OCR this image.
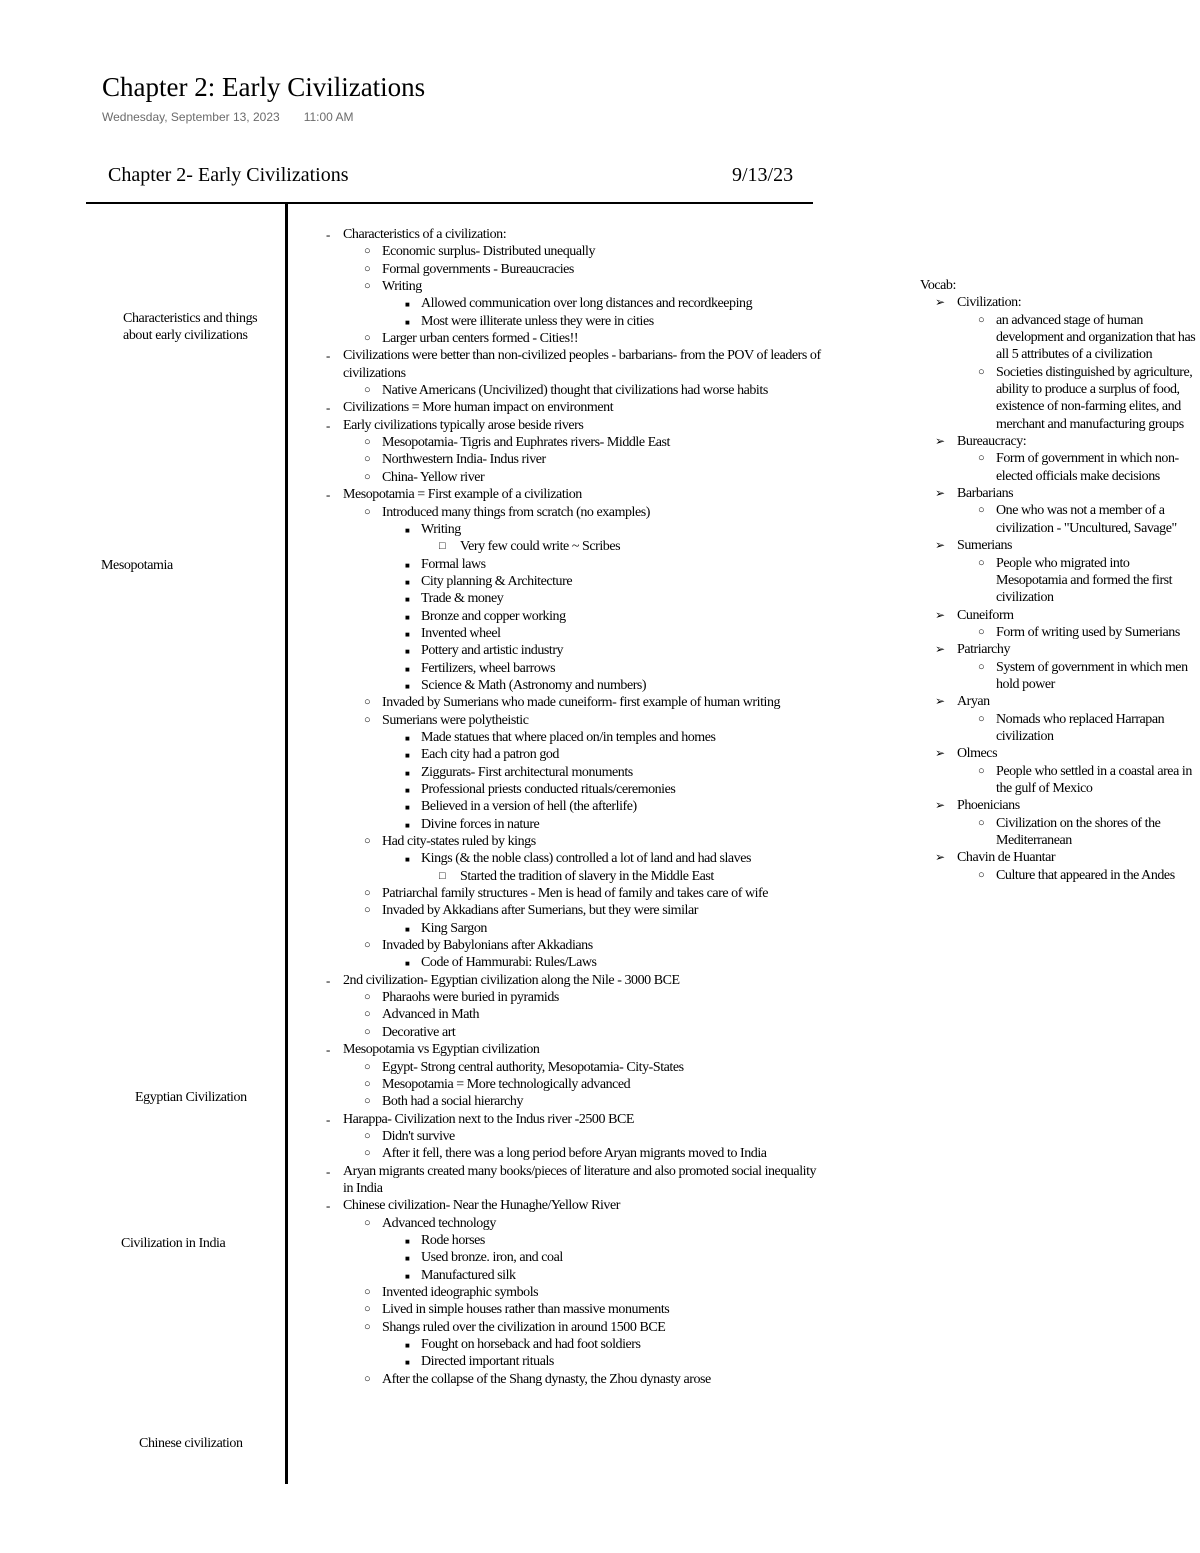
Chapter 2: Early Civilizations
Wednesday, September 13, 2023 11:00 AM
Chapter 2- Early Civilizations	9/13/23
Characteristics and things about early civilizations
Mesopotamia
Egyptian Civilization
Civilization in India
Chinese civilization
- Characteristics of a civilization:
○ Economic surplus- Distributed unequally
○ Formal governments - Bureaucracies
○ Writing
■ Allowed communication over long distances and recordkeeping
■ Most were illiterate unless they were in cities
○ Larger urban centers formed - Cities!!
- Civilizations were better than non-civilized peoples - barbarians- from the POV of leaders of civilizations
○ Native Americans (Uncivilized) thought that civilizations had worse habits
- Civilizations = More human impact on environment
- Early civilizations typically arose beside rivers
○ Mesopotamia- Tigris and Euphrates rivers- Middle East
○ Northwestern India- Indus river
○ China- Yellow river
- Mesopotamia = First example of a civilization
○ Introduced many things from scratch (no examples)
■ Writing
□ Very few could write ~ Scribes
■ Formal laws
■ City planning & Architecture
■ Trade & money
■ Bronze and copper working
■ Invented wheel
■ Pottery and artistic industry
■ Fertilizers, wheel barrows
■ Science & Math (Astronomy and numbers)
○ Invaded by Sumerians who made cuneiform- first example of human writing
○ Sumerians were polytheistic
■ Made statues that where placed on/in temples and homes
■ Each city had a patron god
■ Ziggurats- First architectural monuments
■ Professional priests conducted rituals/ceremonies
■ Believed in a version of hell (the afterlife)
■ Divine forces in nature
○ Had city-states ruled by kings
■ Kings (& the noble class) controlled a lot of land and had slaves
□ Started the tradition of slavery in the Middle East
○ Patriarchal family structures - Men is head of family and takes care of wife
○ Invaded by Akkadians after Sumerians, but they were similar
■ King Sargon
○ Invaded by Babylonians after Akkadians
■ Code of Hammurabi: Rules/Laws
- 2nd civilization- Egyptian civilization along the Nile - 3000 BCE
○ Pharaohs were buried in pyramids
○ Advanced in Math
○ Decorative art
- Mesopotamia vs Egyptian civilization
○ Egypt- Strong central authority, Mesopotamia- City-States
○ Mesopotamia = More technologically advanced
○ Both had a social hierarchy
- Harappa- Civilization next to the Indus river -2500 BCE
○ Didn't survive
○ After it fell, there was a long period before Aryan migrants moved to India
- Aryan migrants created many books/pieces of literature and also promoted social inequality in India
- Chinese civilization- Near the Hunaghe/Yellow River
○ Advanced technology
■ Rode horses
■ Used bronze. iron, and coal
■ Manufactured silk
○ Invented ideographic symbols
○ Lived in simple houses rather than massive monuments
○ Shangs ruled over the civilization in around 1500 BCE
■ Fought on horseback and had foot soldiers
■ Directed important rituals
○ After the collapse of the Shang dynasty, the Zhou dynasty arose
Vocab:
➢ Civilization:
○ an advanced stage of human development and organization that has all 5 attributes of a civilization
○ Societies distinguished by agriculture, ability to produce a surplus of food, existence of non-farming elites, and merchant and manufacturing groups
➢ Bureaucracy:
○ Form of government in which non-elected officials make decisions
➢ Barbarians
○ One who was not a member of a civilization - "Uncultured, Savage"
➢ Sumerians
○ People who migrated into Mesopotamia and formed the first civilization
➢ Cuneiform
○ Form of writing used by Sumerians
➢ Patriarchy
○ System of government in which men hold power
➢ Aryan
○ Nomads who replaced Harrapan civilization
➢ Olmecs
○ People who settled in a coastal area in the gulf of Mexico
➢ Phoenicians
○ Civilization on the shores of the Mediterranean
➢ Chavin de Huantar
○ Culture that appeared in the Andes
